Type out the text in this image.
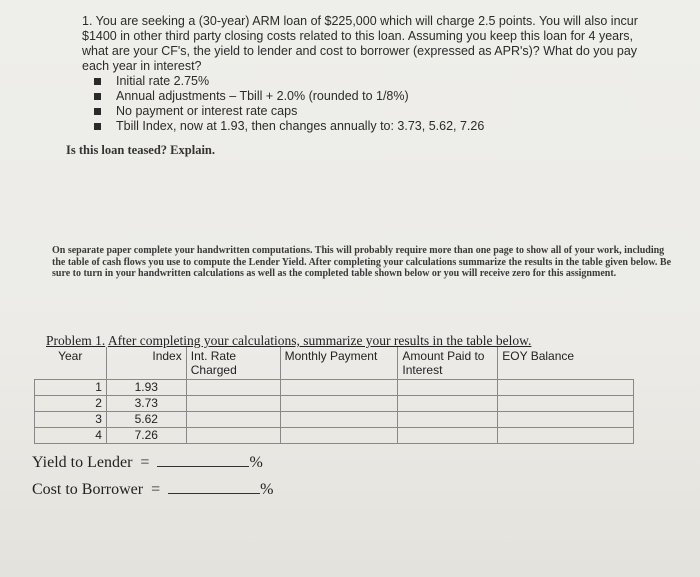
1. You are seeking a (30-year) ARM loan of $225,000 which will charge 2.5 points. You will also incur $1400 in other third party closing costs related to this loan. Assuming you keep this loan for 4 years, what are your CF's, the yield to lender and cost to borrower (expressed as APR's)? What do you pay each year in interest?

Initial rate 2.75%
Annual adjustments – Tbill + 2.0% (rounded to 1/8%)
No payment or interest rate caps
Tbill Index, now at 1.93, then changes annually to: 3.73, 5.62, 7.26
Is this loan teased? Explain.
On separate paper complete your handwritten computations. This will probably require more than one page to show all of your work, including the table of cash flows you use to compute the Lender Yield. After completing your calculations summarize the results in the table given below. Be sure to turn in your handwritten calculations as well as the completed table shown below or you will receive zero for this assignment.
Problem 1. After completing your calculations, summarize your results in the table below.
Year	Index	Int. Rate Charged	Monthly Payment	Amount Paid to Interest	EOY Balance
1	1.93				
2	3.73				
3	5.62				
4	7.26				
Yield to Lender =	%
Cost to Borrower =	%
